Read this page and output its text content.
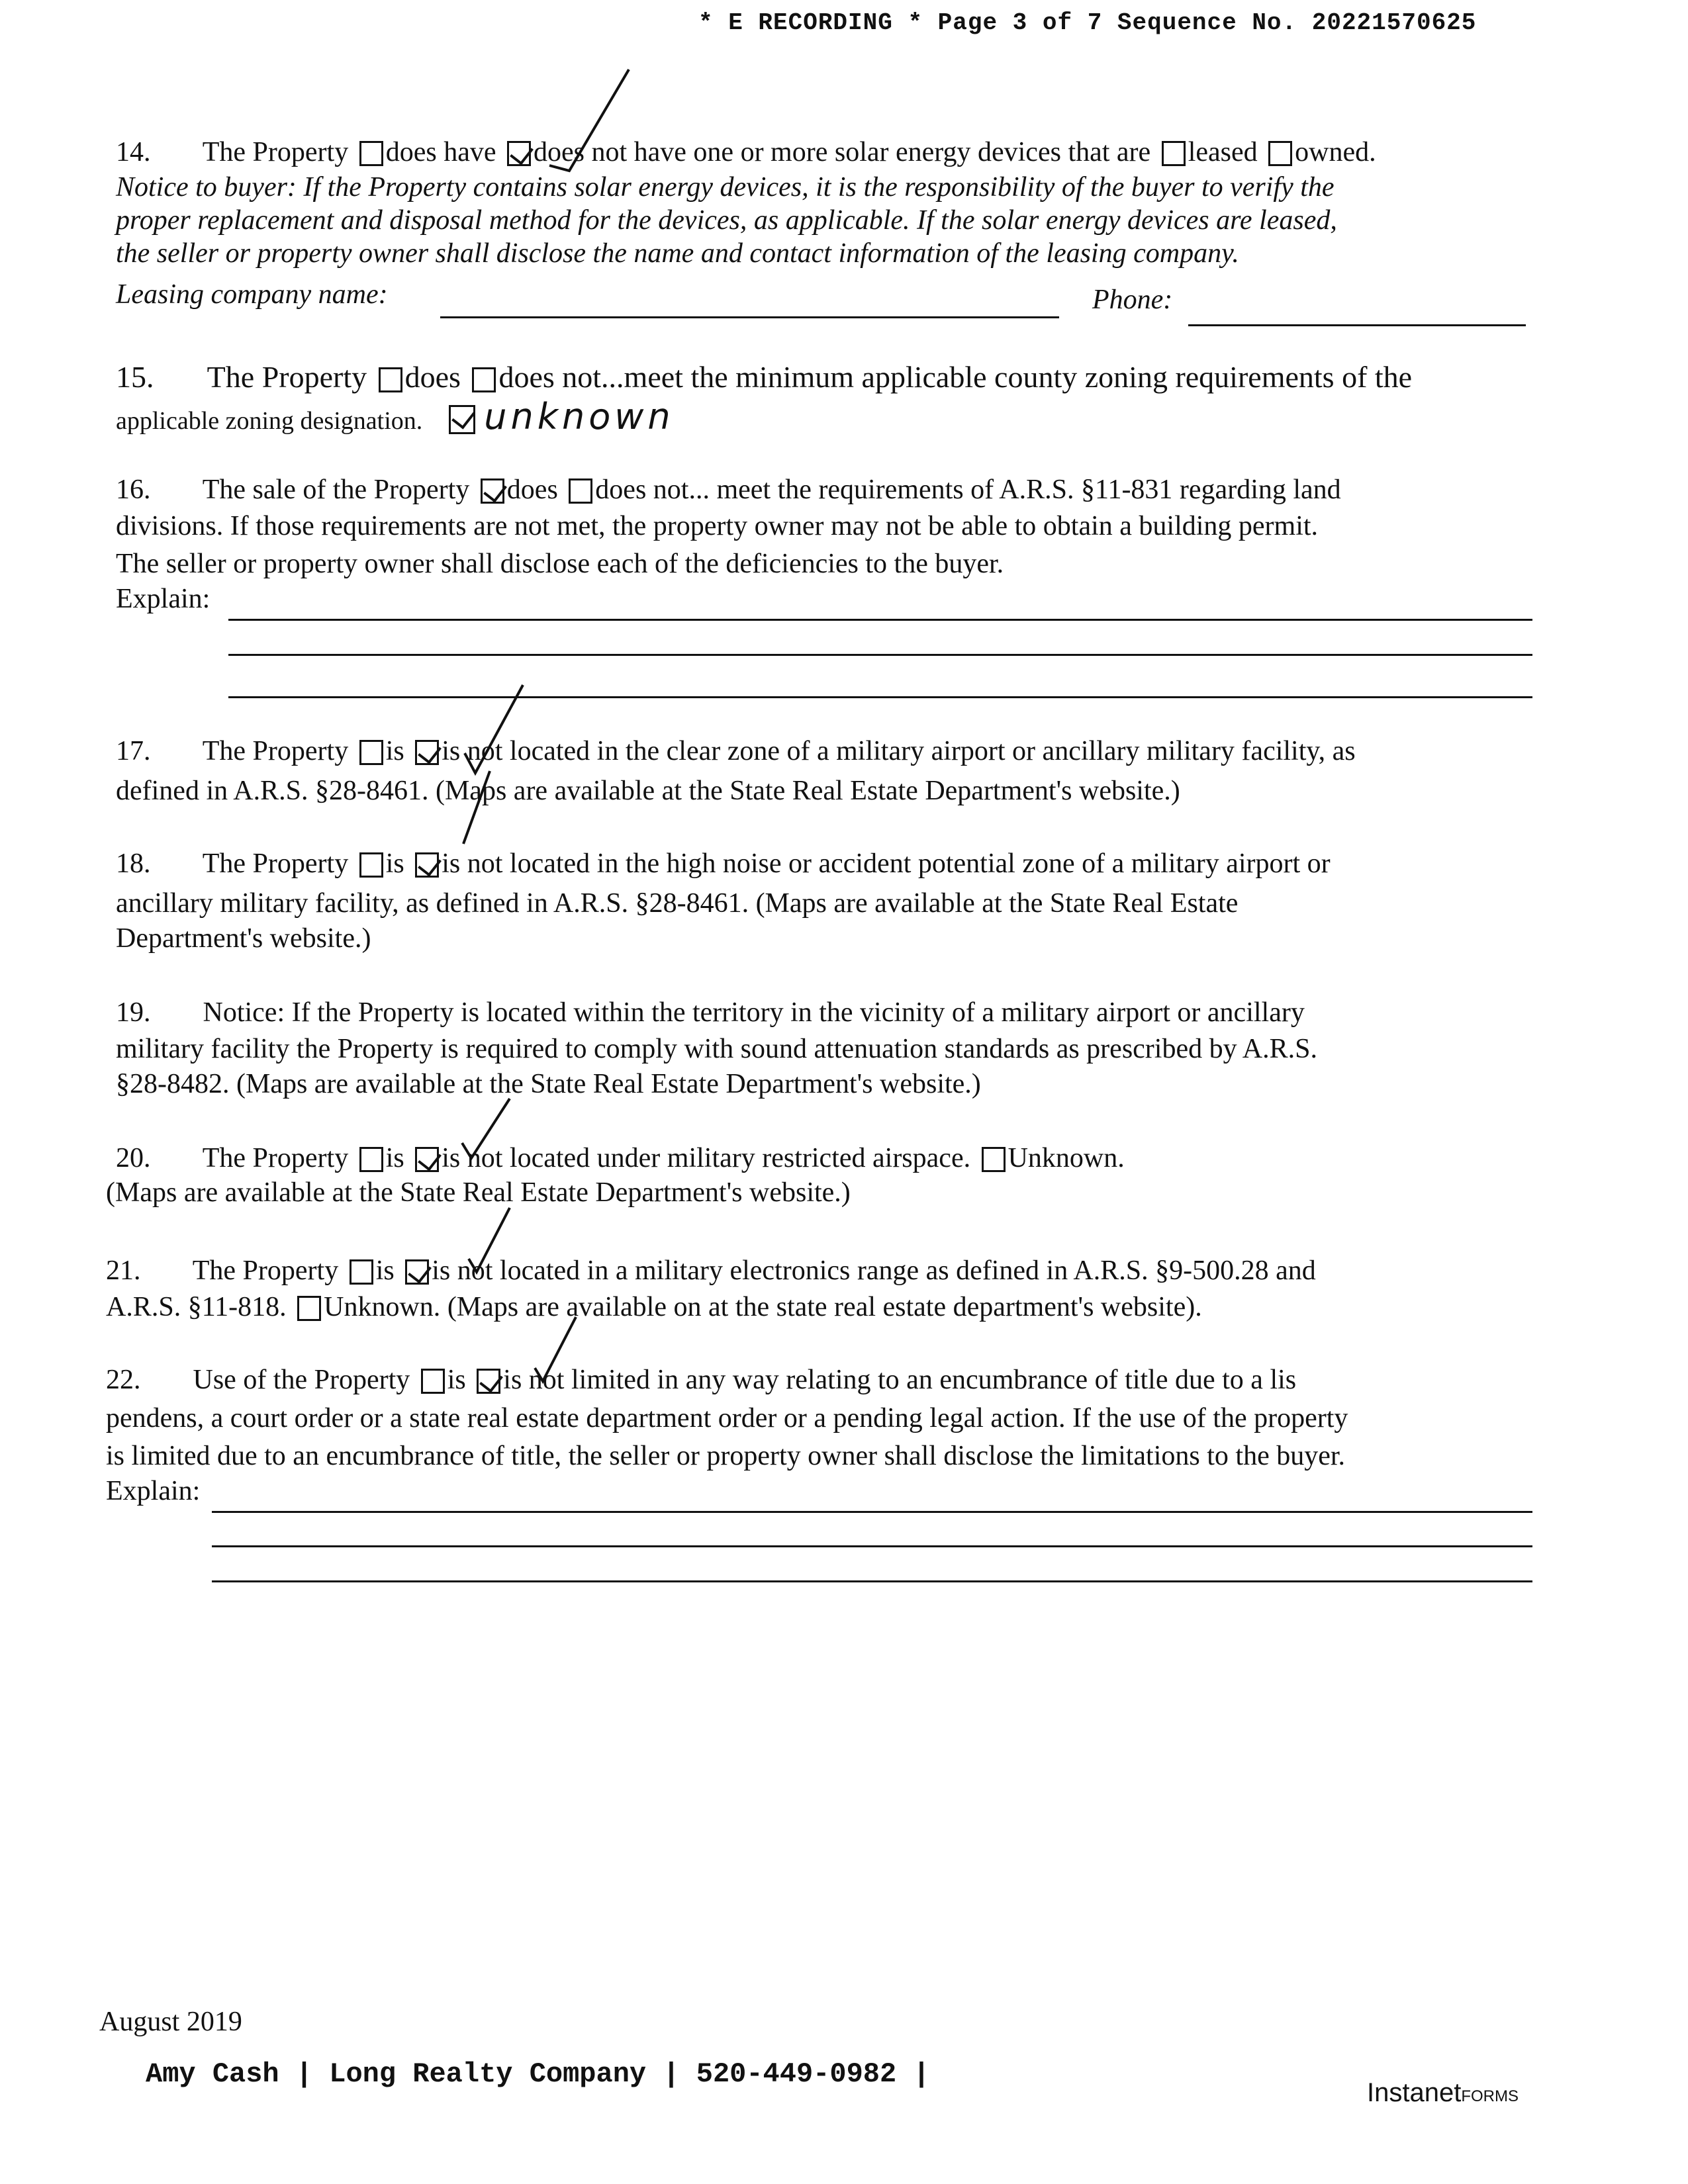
* E RECORDING * Page 3 of 7 Sequence No. 20221570625
14. The Property does have does not have one or more solar energy devices that are leased owned.
Notice to buyer: If the Property contains solar energy devices, it is the responsibility of the buyer to verify the
proper replacement and disposal method for the devices, as applicable. If the solar energy devices are leased,
the seller or property owner shall disclose the name and contact information of the leasing company.
Leasing company name:	Phone:
15. The Property does does not...meet the minimum applicable county zoning requirements of the
applicable zoning designation. unknown
16. The sale of the Property does does not... meet the requirements of A.R.S. §11-831 regarding land
divisions. If those requirements are not met, the property owner may not be able to obtain a building permit.
The seller or property owner shall disclose each of the deficiencies to the buyer.
Explain:
17. The Property is is not located in the clear zone of a military airport or ancillary military facility, as
defined in A.R.S. §28-8461. (Maps are available at the State Real Estate Department's website.)
18. The Property is is not located in the high noise or accident potential zone of a military airport or
ancillary military facility, as defined in A.R.S. §28-8461. (Maps are available at the State Real Estate
Department's website.)
19. Notice: If the Property is located within the territory in the vicinity of a military airport or ancillary
military facility the Property is required to comply with sound attenuation standards as prescribed by A.R.S.
§28-8482. (Maps are available at the State Real Estate Department's website.)
20. The Property is is not located under military restricted airspace. Unknown.
(Maps are available at the State Real Estate Department's website.)
21. The Property is is not located in a military electronics range as defined in A.R.S. §9-500.28 and
A.R.S. §11-818. Unknown. (Maps are available on at the state real estate department's website).
22. Use of the Property is is not limited in any way relating to an encumbrance of title due to a lis
pendens, a court order or a state real estate department order or a pending legal action. If the use of the property
is limited due to an encumbrance of title, the seller or property owner shall disclose the limitations to the buyer.
Explain:
August 2019
Amy Cash | Long Realty Company | 520-449-0982 |
InstanetFORMS
